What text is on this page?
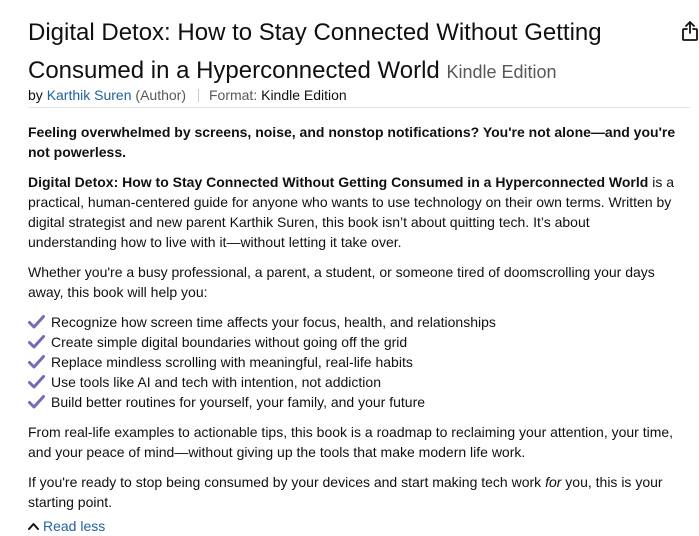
Digital Detox: How to Stay Connected Without Getting Consumed in a Hyperconnected World Kindle Edition
by Karthik Suren (Author) Format: Kindle Edition

Feeling overwhelmed by screens, noise, and nonstop notifications? You're not alone—and you're not powerless.

Digital Detox: How to Stay Connected Without Getting Consumed in a Hyperconnected World is a practical, human-centered guide for anyone who wants to use technology on their own terms. Written by digital strategist and new parent Karthik Suren, this book isn’t about quitting tech. It’s about understanding how to live with it—without letting it take over.

Whether you're a busy professional, a parent, a student, or someone tired of doomscrolling your days away, this book will help you:

Recognize how screen time affects your focus, health, and relationships
Create simple digital boundaries without going off the grid
Replace mindless scrolling with meaningful, real-life habits
Use tools like AI and tech with intention, not addiction
Build better routines for yourself, your family, and your future

From real-life examples to actionable tips, this book is a roadmap to reclaiming your attention, your time, and your peace of mind—without giving up the tools that make modern life work.

If you're ready to stop being consumed by your devices and start making tech work for you, this is your starting point.

Read less
